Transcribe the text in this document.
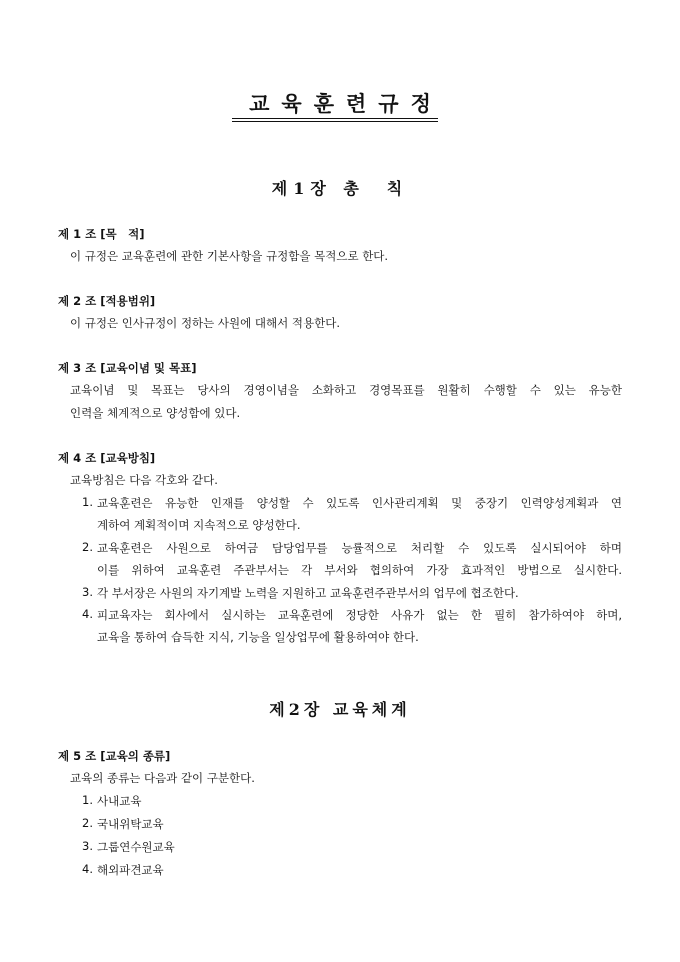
교육훈련규정
제1장 총　칙
제 1 조 [목　적]
이 규정은 교육훈련에 관한 기본사항을 규정함을 목적으로 한다.
제 2 조 [적용범위]
이 규정은 인사규정이 정하는 사원에 대해서 적용한다.
제 3 조 [교육이념 및 목표]
교육이념 및 목표는 당사의 경영이념을 소화하고 경영목표를 원활히 수행할 수 있는 유능한
인력을 체계적으로 양성함에 있다.
제 4 조 [교육방침]
교육방침은 다음 각호와 같다.
1. 교육훈련은 유능한 인재를 양성할 수 있도록 인사관리계획 및 중장기 인력양성계획과 연
계하여 계획적이며 지속적으로 양성한다.
2. 교육훈련은 사원으로 하여금 담당업무를 능률적으로 처리할 수 있도록 실시되어야 하며
이를 위하여 교육훈련 주관부서는 각 부서와 협의하여 가장 효과적인 방법으로 실시한다.
3. 각 부서장은 사원의 자기계발 노력을 지원하고 교육훈련주관부서의 업무에 협조한다.
4. 피교육자는 회사에서 실시하는 교육훈련에 정당한 사유가 없는 한 필히 참가하여야 하며,
교육을 통하여 습득한 지식, 기능을 일상업무에 활용하여야 한다.
제2장 교육체계
제 5 조 [교육의 종류]
교육의 종류는 다음과 같이 구분한다.
1. 사내교육
2. 국내위탁교육
3. 그룹연수원교육
4. 해외파견교육
